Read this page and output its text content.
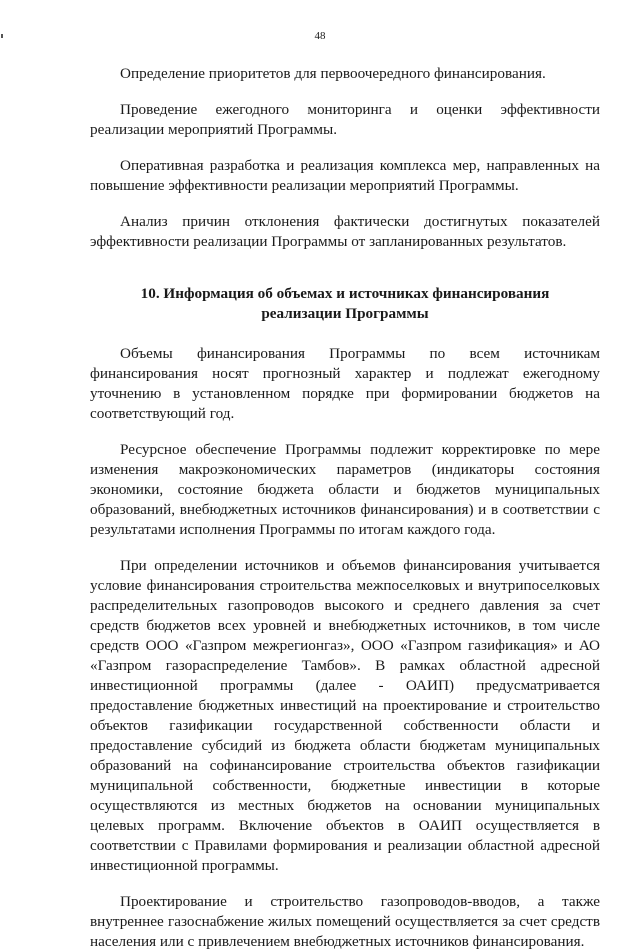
48

Определение приоритетов для первоочередного финансирования.

Проведение ежегодного мониторинга и оценки эффективности реализации мероприятий Программы.

Оперативная разработка и реализация комплекса мер, направленных на повышение эффективности реализации мероприятий Программы.

Анализ причин отклонения фактически достигнутых показателей эффективности реализации Программы от запланированных результатов.

10. Информация об объемах и источниках финансирования
реализации Программы

Объемы финансирования Программы по всем источникам финансирования носят прогнозный характер и подлежат ежегодному уточнению в установленном порядке при формировании бюджетов на соответствующий год.

Ресурсное обеспечение Программы подлежит корректировке по мере изменения макроэкономических параметров (индикаторы состояния экономики, состояние бюджета области и бюджетов муниципальных образований, внебюджетных источников финансирования) и в соответствии с результатами исполнения Программы по итогам каждого года.

При определении источников и объемов финансирования учитывается условие финансирования строительства межпоселковых и внутрипоселковых распределительных газопроводов высокого и среднего давления за счет средств бюджетов всех уровней и внебюджетных источников, в том числе средств ООО «Газпром межрегионгаз», ООО «Газпром газификация» и АО «Газпром газораспределение Тамбов». В рамках областной адресной инвестиционной программы (далее - ОАИП) предусматривается предоставление бюджетных инвестиций на проектирование и строительство объектов газификации государственной собственности области и предоставление субсидий из бюджета области бюджетам муниципальных образований на софинансирование строительства объектов газификации муниципальной собственности, бюджетные инвестиции в которые осуществляются из местных бюджетов на основании муниципальных целевых программ. Включение объектов в ОАИП осуществляется в соответствии с Правилами формирования и реализации областной адресной инвестиционной программы.

Проектирование и строительство газопроводов-вводов, а также внутреннее газоснабжение жилых помещений осуществляется за счет средств населения или с привлечением внебюджетных источников финансирования.
